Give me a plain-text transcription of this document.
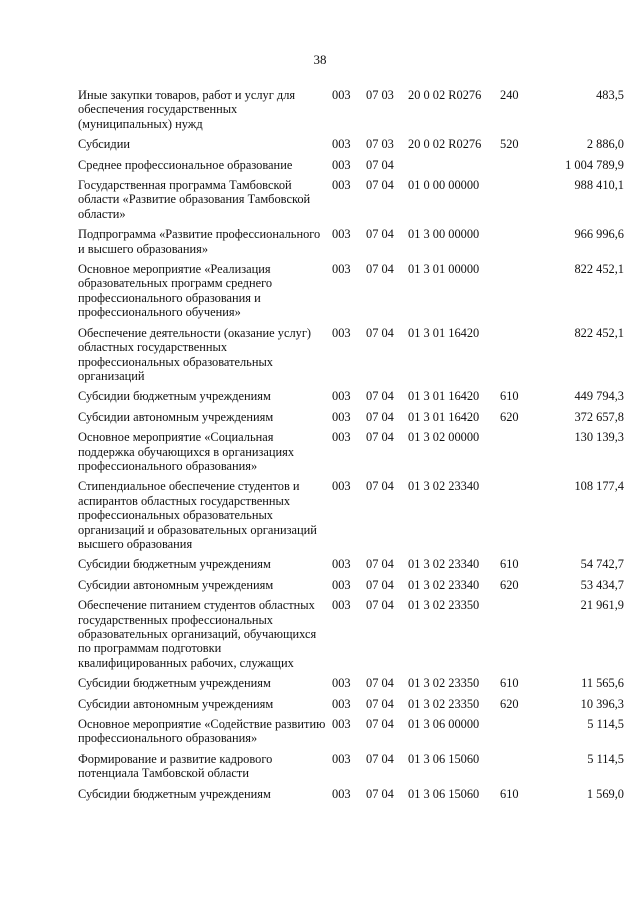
38
Иные закупки товаров, работ и услуг для обеспечения государственных (муниципальных) нужд	003	07 03	20 0 02 R0276	240	483,5
Субсидии	003	07 03	20 0 02 R0276	520	2 886,0
Среднее профессиональное образование	003	07 04			1 004 789,9
Государственная программа Тамбовской области «Развитие образования Тамбовской области»	003	07 04	01 0 00 00000		988 410,1
Подпрограмма «Развитие профессионального и высшего образования»	003	07 04	01 3 00 00000		966 996,6
Основное мероприятие «Реализация образовательных программ среднего профессионального образования и профессионального обучения»	003	07 04	01 3 01 00000		822 452,1
Обеспечение деятельности (оказание услуг) областных государственных профессиональных образовательных организаций	003	07 04	01 3 01 16420		822 452,1
Субсидии бюджетным учреждениям	003	07 04	01 3 01 16420	610	449 794,3
Субсидии автономным учреждениям	003	07 04	01 3 01 16420	620	372 657,8
Основное мероприятие «Социальная поддержка обучающихся в организациях профессионального образования»	003	07 04	01 3 02 00000		130 139,3
Стипендиальное обеспечение студентов и аспирантов областных государственных профессиональных образовательных организаций и образовательных организаций высшего образования	003	07 04	01 3 02 23340		108 177,4
Субсидии бюджетным учреждениям	003	07 04	01 3 02 23340	610	54 742,7
Субсидии автономным учреждениям	003	07 04	01 3 02 23340	620	53 434,7
Обеспечение питанием студентов областных государственных профессиональных образовательных организаций, обучающихся по программам подготовки квалифицированных рабочих, служащих	003	07 04	01 3 02 23350		21 961,9
Субсидии бюджетным учреждениям	003	07 04	01 3 02 23350	610	11 565,6
Субсидии автономным учреждениям	003	07 04	01 3 02 23350	620	10 396,3
Основное мероприятие «Содействие развитию профессионального образования»	003	07 04	01 3 06 00000		5 114,5
Формирование и развитие кадрового потенциала Тамбовской области	003	07 04	01 3 06 15060		5 114,5
Субсидии бюджетным учреждениям	003	07 04	01 3 06 15060	610	1 569,0
